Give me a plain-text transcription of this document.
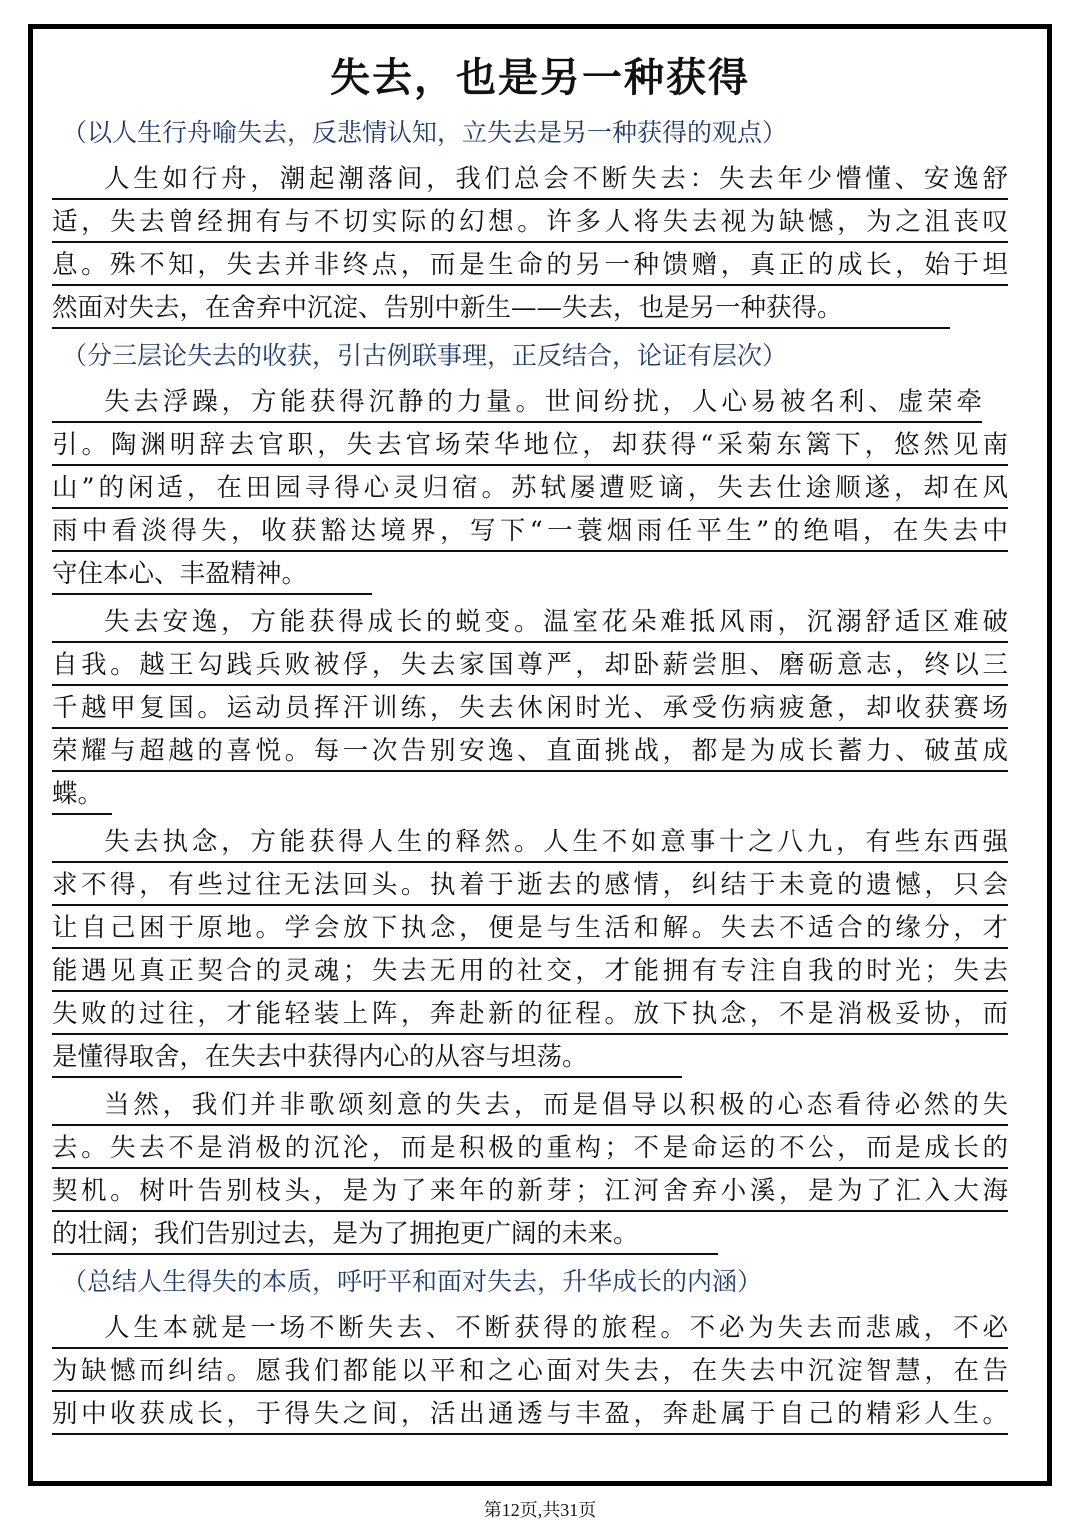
失去，也是另一种获得
（以人生行舟喻失去，反悲情认知，立失去是另一种获得的观点）
人生如行舟，潮起潮落间，我们总会不断失去：失去年少懵懂、安逸舒
适，失去曾经拥有与不切实际的幻想。许多人将失去视为缺憾，为之沮丧叹
息。殊不知，失去并非终点，而是生命的另一种馈赠，真正的成长，始于坦
然面对失去，在舍弃中沉淀、告别中新生——失去，也是另一种获得。
（分三层论失去的收获，引古例联事理，正反结合，论证有层次）
失去浮躁，方能获得沉静的力量。世间纷扰，人心易被名利、虚荣牵
引。陶渊明辞去官职，失去官场荣华地位，却获得“采菊东篱下，悠然见南
山”的闲适，在田园寻得心灵归宿。苏轼屡遭贬谪，失去仕途顺遂，却在风
雨中看淡得失，收获豁达境界，写下“一蓑烟雨任平生”的绝唱，在失去中
守住本心、丰盈精神。
失去安逸，方能获得成长的蜕变。温室花朵难抵风雨，沉溺舒适区难破
自我。越王勾践兵败被俘，失去家国尊严，却卧薪尝胆、磨砺意志，终以三
千越甲复国。运动员挥汗训练，失去休闲时光、承受伤病疲惫，却收获赛场
荣耀与超越的喜悦。每一次告别安逸、直面挑战，都是为成长蓄力、破茧成
蝶。
失去执念，方能获得人生的释然。人生不如意事十之八九，有些东西强
求不得，有些过往无法回头。执着于逝去的感情，纠结于未竟的遗憾，只会
让自己困于原地。学会放下执念，便是与生活和解。失去不适合的缘分，才
能遇见真正契合的灵魂；失去无用的社交，才能拥有专注自我的时光；失去
失败的过往，才能轻装上阵，奔赴新的征程。放下执念，不是消极妥协，而
是懂得取舍，在失去中获得内心的从容与坦荡。
当然，我们并非歌颂刻意的失去，而是倡导以积极的心态看待必然的失
去。失去不是消极的沉沦，而是积极的重构；不是命运的不公，而是成长的
契机。树叶告别枝头，是为了来年的新芽；江河舍弃小溪，是为了汇入大海
的壮阔；我们告别过去，是为了拥抱更广阔的未来。
（总结人生得失的本质，呼吁平和面对失去，升华成长的内涵）
人生本就是一场不断失去、不断获得的旅程。不必为失去而悲戚，不必
为缺憾而纠结。愿我们都能以平和之心面对失去，在失去中沉淀智慧，在告
别中收获成长，于得失之间，活出通透与丰盈，奔赴属于自己的精彩人生。
第12页,共31页
